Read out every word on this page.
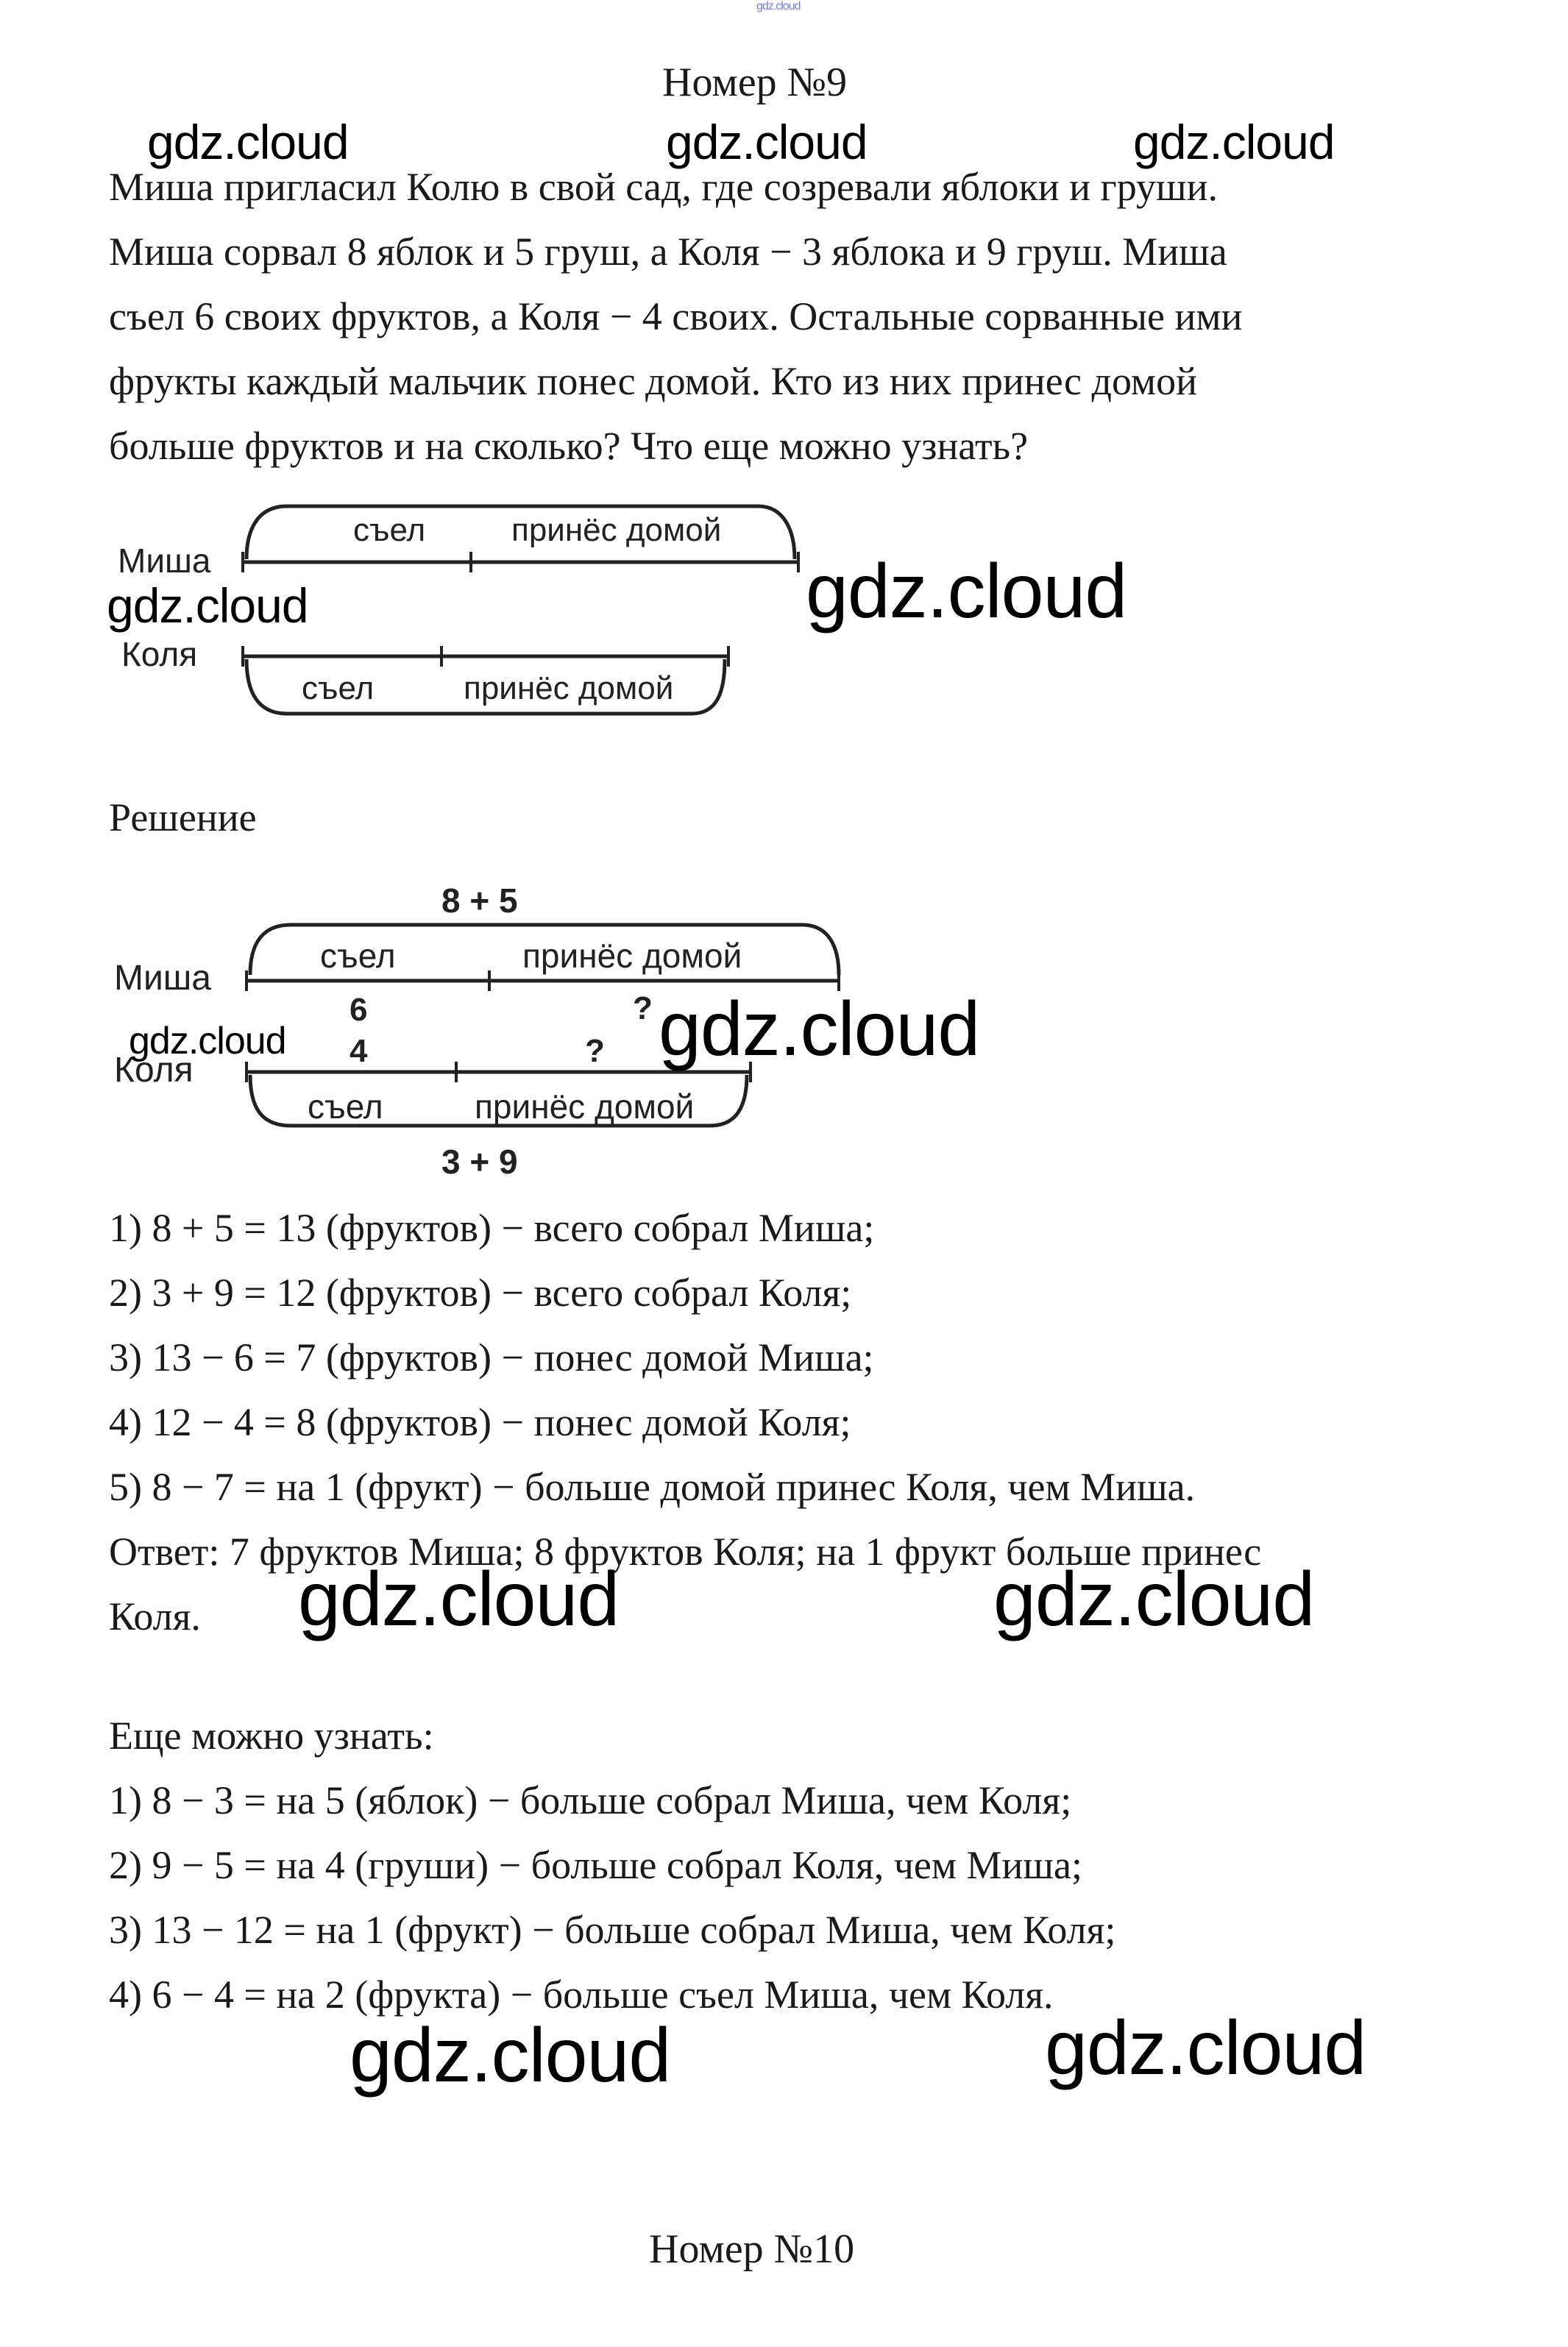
gdz.cloud
Номер №9
gdz.cloud	gdz.cloud	gdz.cloud
Миша пригласил Колю в свой сад, где созревали яблоки и груши.
Миша сорвал 8 яблок и 5 груш, а Коля − 3 яблока и 9 груш. Миша
съел 6 своих фруктов, а Коля − 4 своих. Остальные сорванные ими
фрукты каждый мальчик понес домой. Кто из них принес домой
больше фруктов и на сколько? Что еще можно узнать?
съел	принёс домой
Миша
Коля
съел	принёс домой
gdz.cloud	gdz.cloud
Решение
8 + 5
съел	принёс домой
Миша
6	?
4	?
Коля
съел	принёс домой
3 + 9
gdz.cloud	gdz.cloud
1) 8 + 5 = 13 (фруктов) − всего собрал Миша;
2) 3 + 9 = 12 (фруктов) − всего собрал Коля;
3) 13 − 6 = 7 (фруктов) − понес домой Миша;
4) 12 − 4 = 8 (фруктов) − понес домой Коля;
5) 8 − 7 = на 1 (фрукт) − больше домой принес Коля, чем Миша.
Ответ: 7 фруктов Миша; 8 фруктов Коля; на 1 фрукт больше принес
Коля.	gdz.cloud	gdz.cloud
Еще можно узнать:
1) 8 − 3 = на 5 (яблок) − больше собрал Миша, чем Коля;
2) 9 − 5 = на 4 (груши) − больше собрал Коля, чем Миша;
3) 13 − 12 = на 1 (фрукт) − больше собрал Миша, чем Коля;
4) 6 − 4 = на 2 (фрукта) − больше съел Миша, чем Коля.
gdz.cloud	gdz.cloud
Номер №10
